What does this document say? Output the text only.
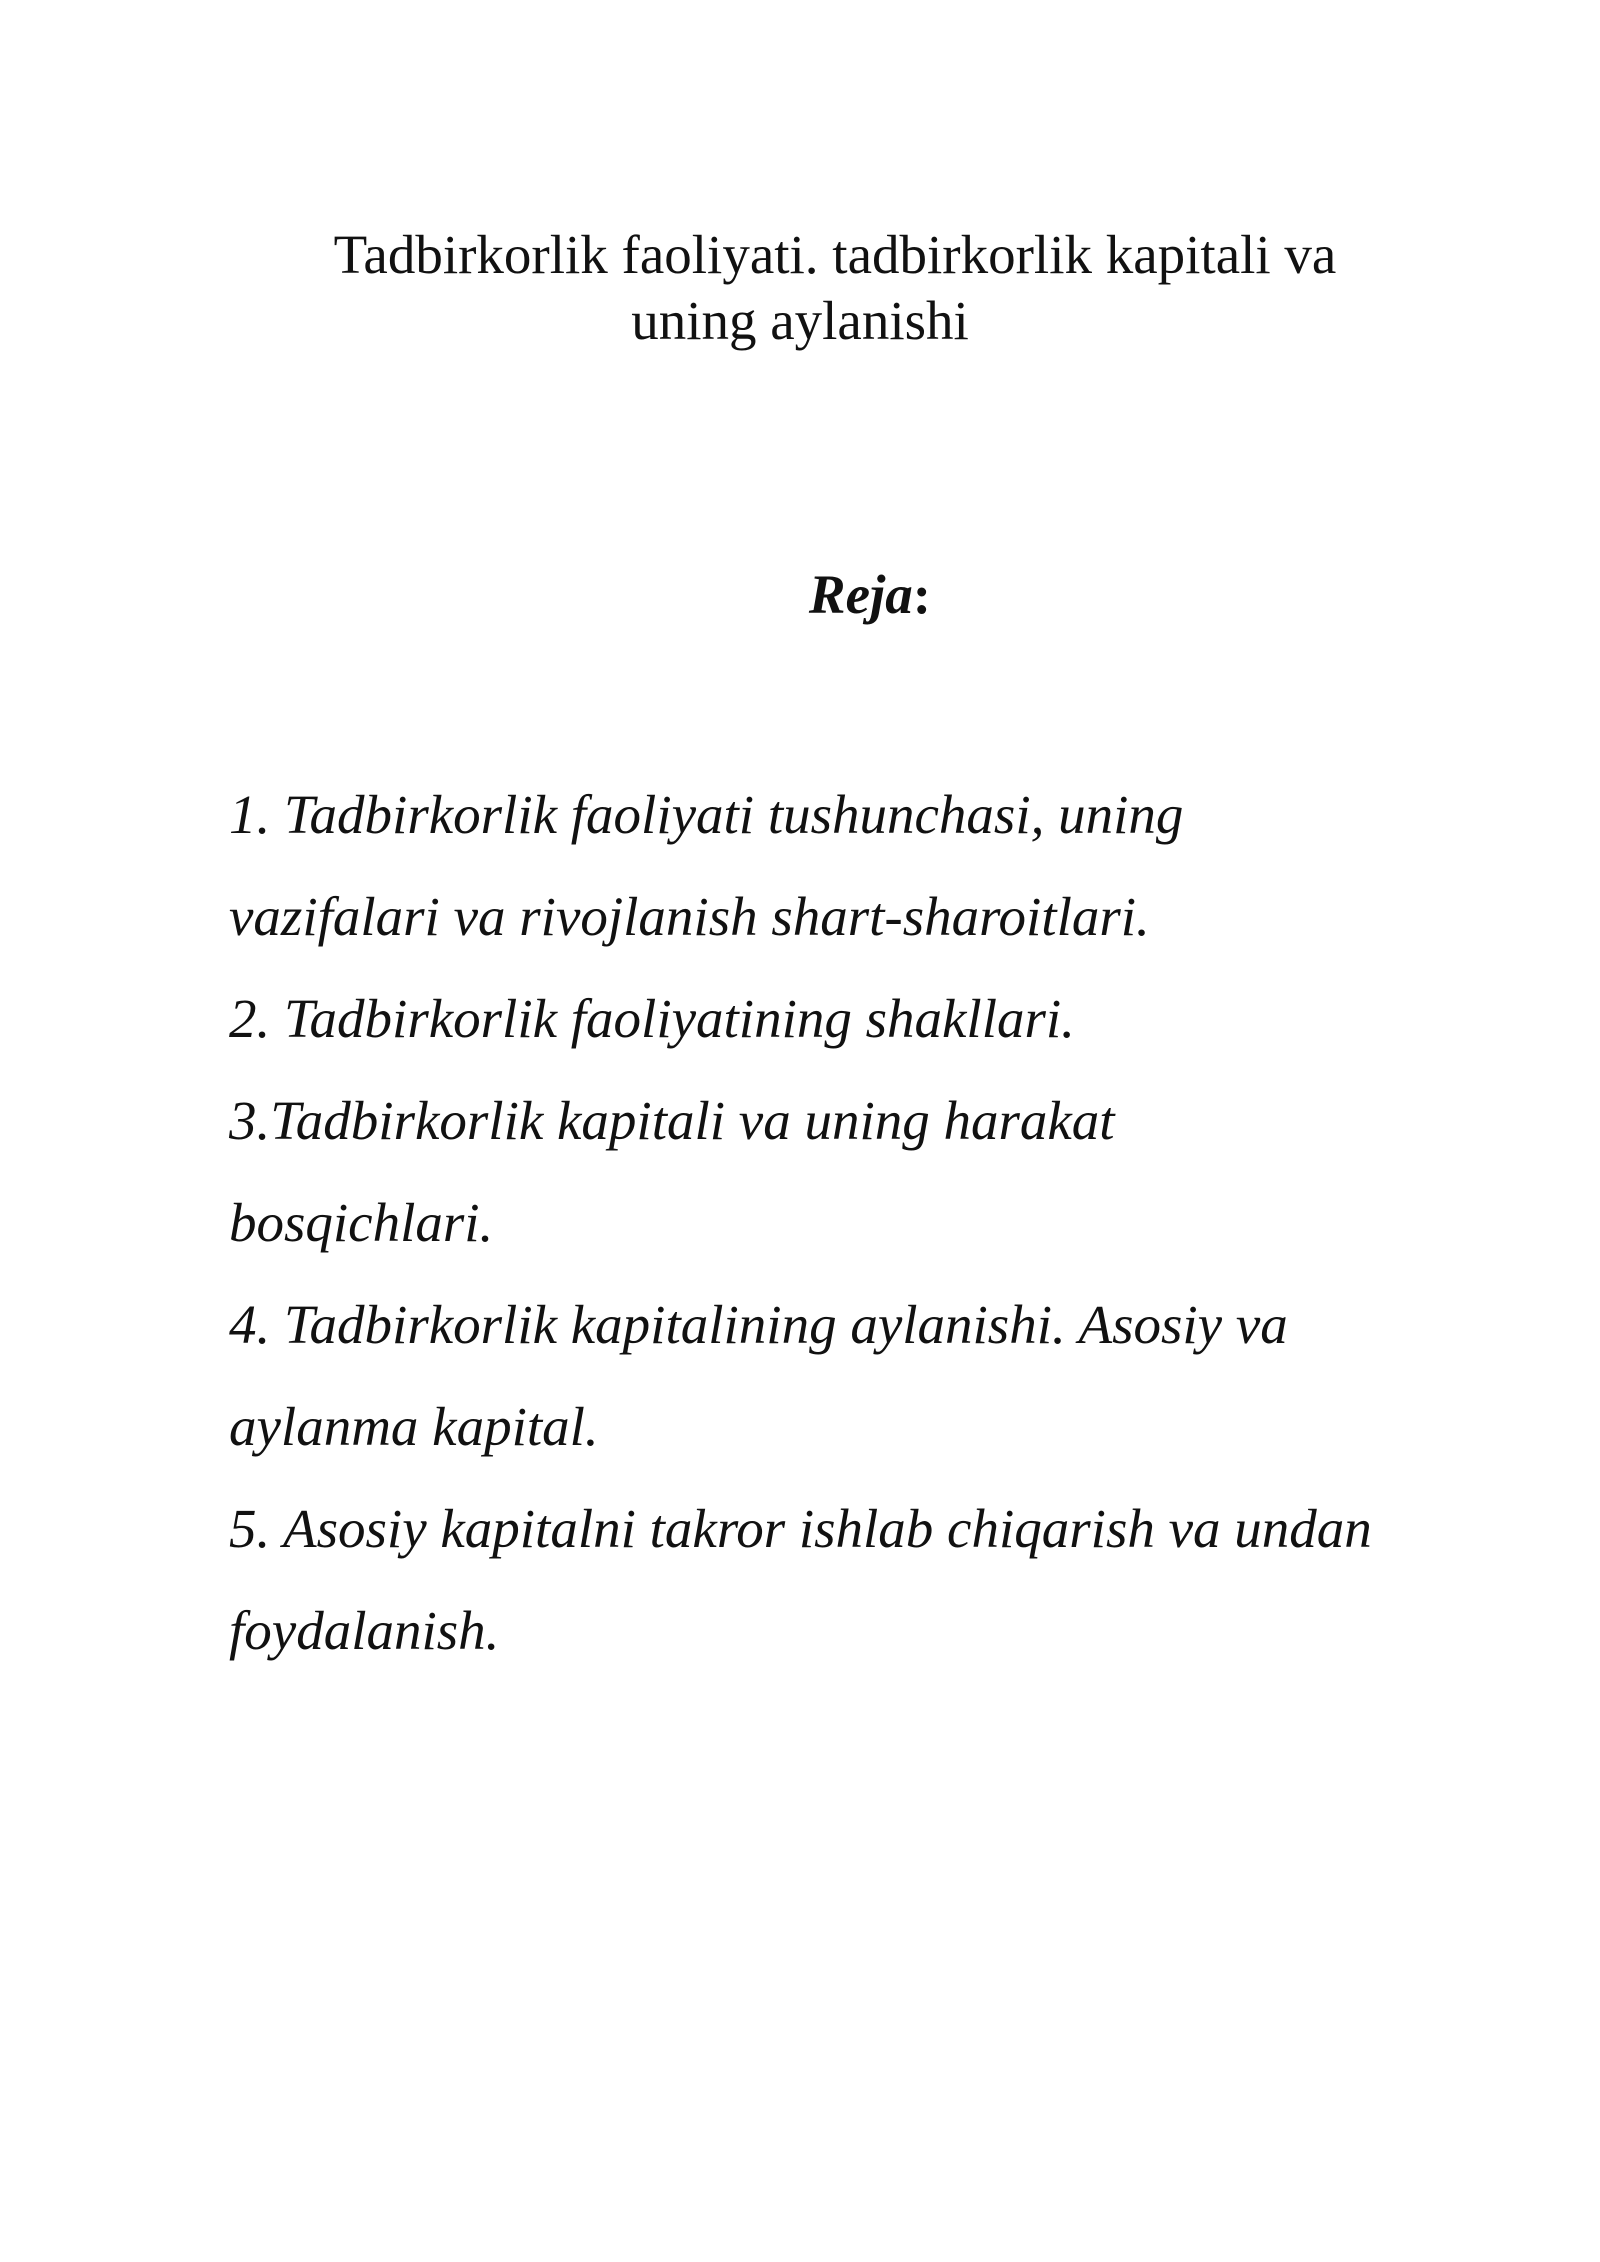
Tadbirkorlik faoliyati. tadbirkorlik kapitali va
uning aylanishi
Reja:
1. Tadbirkorlik faoliyati tushunchasi, uning
vazifalari va rivojlanish shart-sharoitlari.
2. Tadbirkorlik faoliyatining shakllari.
3.Tadbirkorlik kapitali va uning harakat
bosqichlari.
4. Tadbirkorlik kapitalining aylanishi. Asosiy va
aylanma kapital.
5. Asosiy kapitalni takror ishlab chiqarish va undan
foydalanish.
